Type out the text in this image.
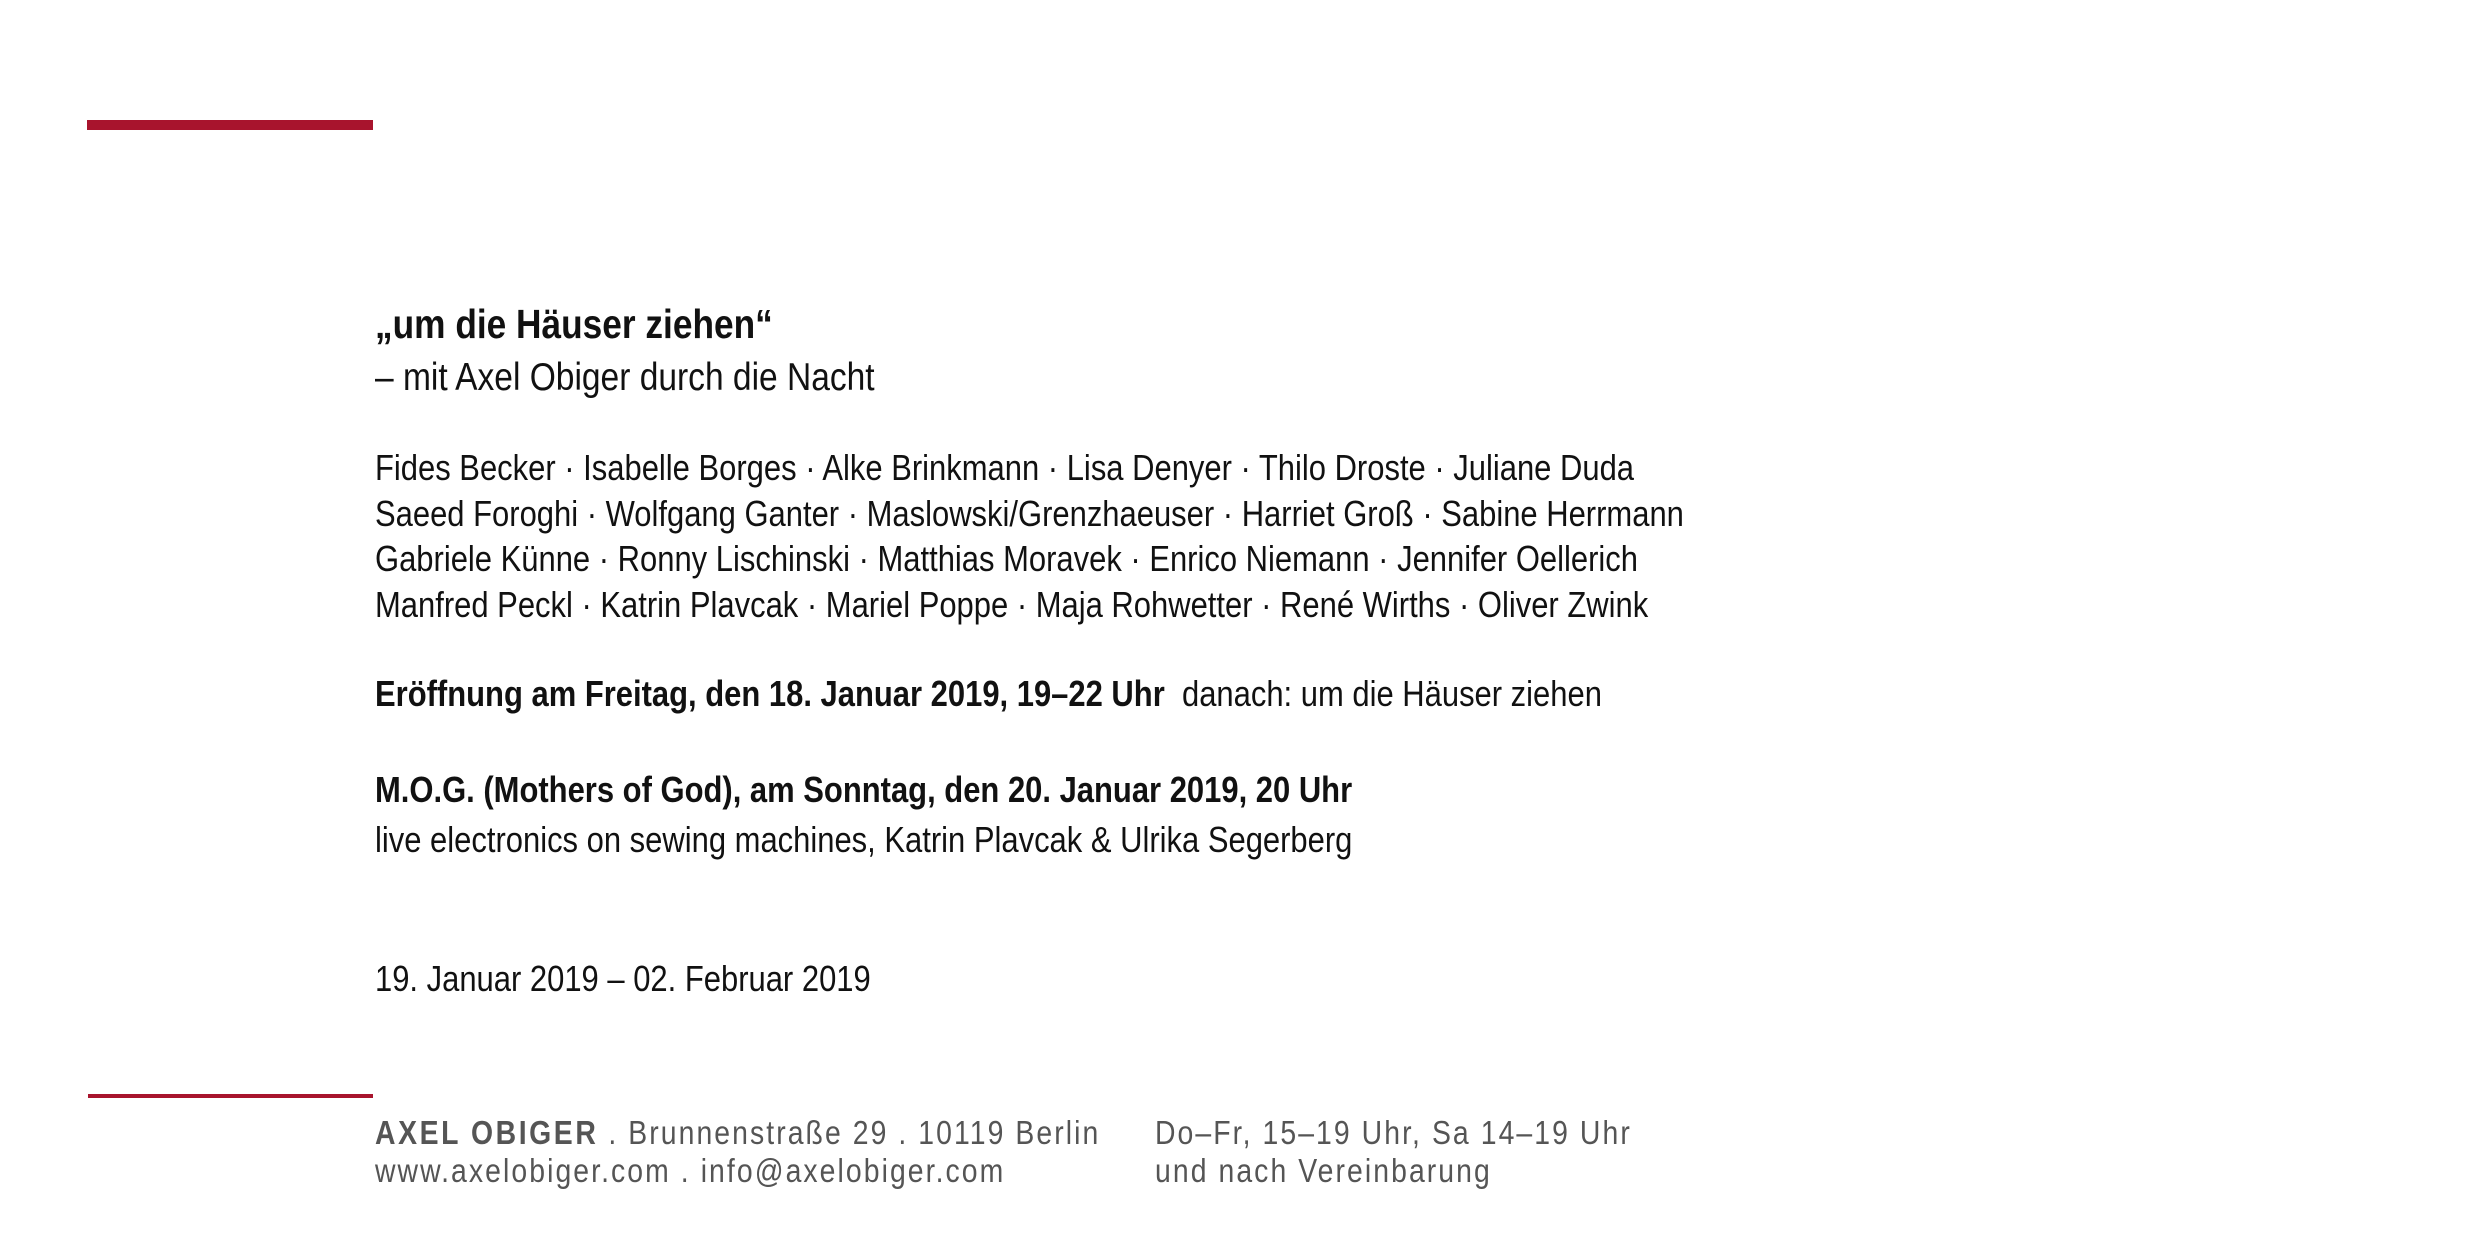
„um die Häuser ziehen“
– mit Axel Obiger durch die Nacht
Fides Becker · Isabelle Borges · Alke Brinkmann · Lisa Denyer · Thilo Droste · Juliane Duda
Saeed Foroghi · Wolfgang Ganter · Maslowski/Grenzhaeuser · Harriet Groß · Sabine Herrmann
Gabriele Künne · Ronny Lischinski · Matthias Moravek · Enrico Niemann · Jennifer Oellerich
Manfred Peckl · Katrin Plavcak · Mariel Poppe · Maja Rohwetter · René Wirths · Oliver Zwink
Eröffnung am Freitag, den 18. Januar 2019, 19–22 Uhr danach: um die Häuser ziehen
M.O.G. (Mothers of God), am Sonntag, den 20. Januar 2019, 20 Uhr
live electronics on sewing machines, Katrin Plavcak & Ulrika Segerberg
19. Januar 2019 – 02. Februar 2019
AXEL OBIGER . Brunnenstraße 29 . 10119 Berlin
www.axelobiger.com . info@axelobiger.com
Do–Fr, 15–19 Uhr, Sa 14–19 Uhr
und nach Vereinbarung
